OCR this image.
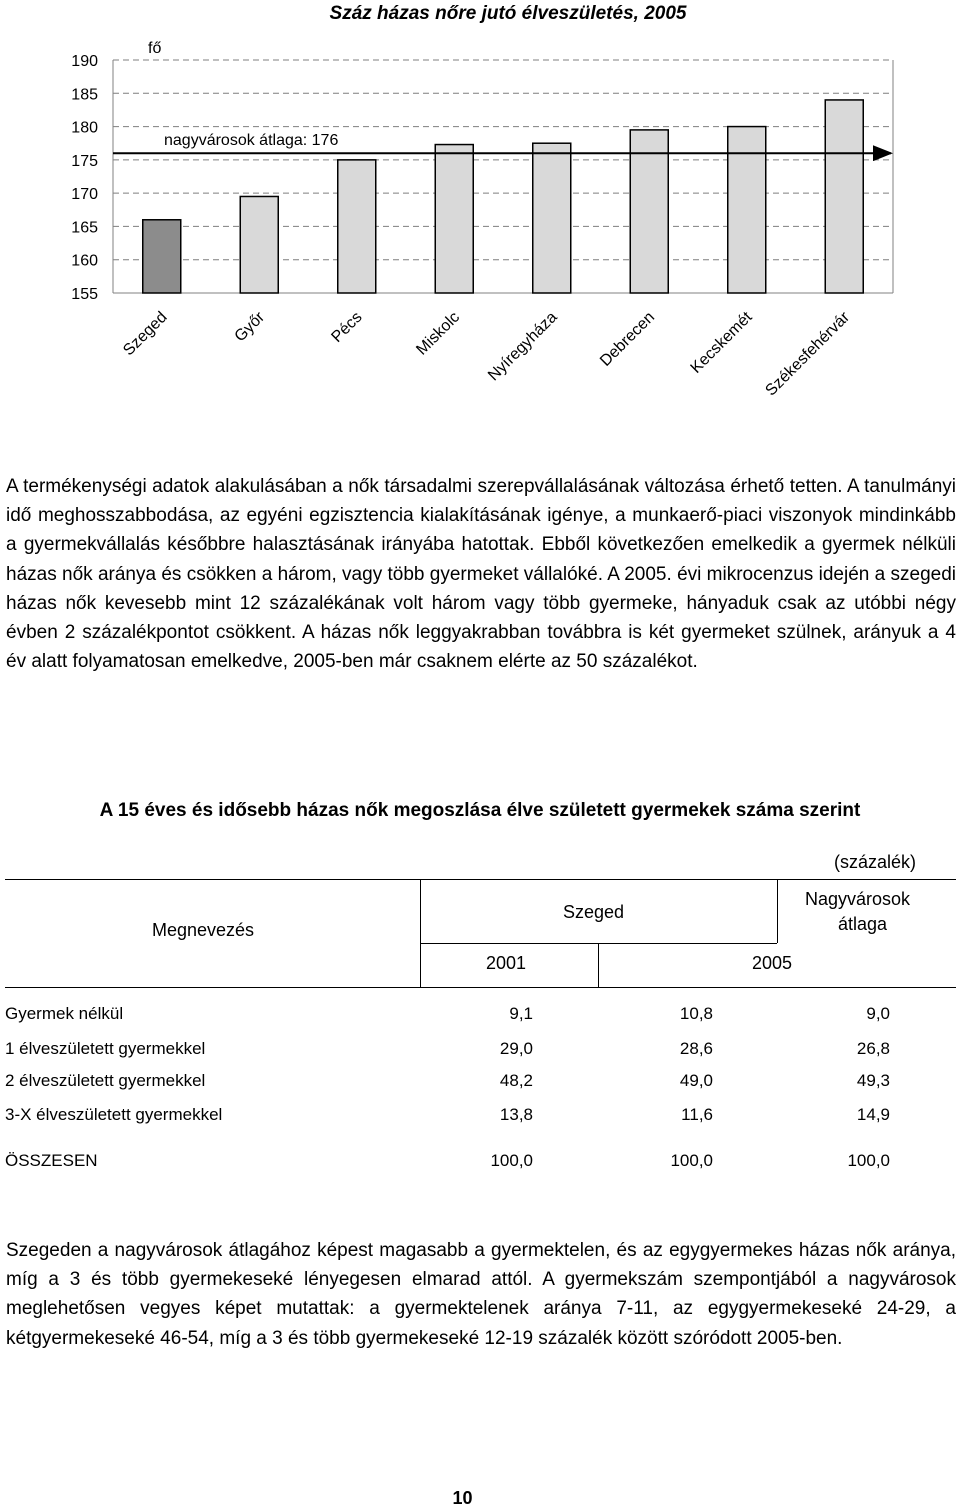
Száz házas nőre jutó élveszületés, 2005
fő
190
185
180
175
170
165
160
155
nagyvárosok átlaga: 176
Szeged	Győr	Pécs	Miskolc Nyíregyháza Debrecen Kecskemét Székesfehérvár
A termékenységi adatok alakulásában a nők társadalmi szerepvállalásának változása érhető tetten. A tanulmányi idő meghosszabbodása, az egyéni egzisztencia kialakításának igénye, a munkaerő-piaci viszonyok mindinkább a gyermekvállalás későbbre halasztásának irányába hatottak. Ebből következően emelkedik a gyermek nélküli házas nők aránya és csökken a három, vagy több gyermeket vállalóké. A 2005. évi mikrocenzus idején a szegedi házas nők kevesebb mint 12 százalékának volt három vagy több gyermeke, hányaduk csak az utóbbi négy évben 2 százalékpontot csökkent. A házas nők leggyakrabban továbbra is két gyermeket szülnek, arányuk a 4 év alatt folyamatosan emelkedve, 2005-ben már csaknem elérte az 50 százalékot.
A 15 éves és idősebb házas nők megoszlása élve született gyermekek száma szerint
(százalék)
Megnevezés
Szeged
2001	2005
Nagyvárosok
átlaga
Gyermek nélkül	9,1	10,8	9,0
1 élveszületett gyermekkel	29,0	28,6	26,8
2 élveszületett gyermekkel	48,2	49,0	49,3
3-X élveszületett gyermekkel	13,8	11,6	14,9
ÖSSZESEN	100,0	100,0	100,0
Szegeden a nagyvárosok átlagához képest magasabb a gyermektelen, és az egygyermekes házas nők aránya, míg a 3 és több gyermekeseké lényegesen elmarad attól. A gyermekszám szempontjából a nagyvárosok meglehetősen vegyes képet mutattak: a gyermektelenek aránya 7-11, az egygyermekeseké 24-29, a kétgyermekeseké 46-54, míg a 3 és több gyermekeseké 12-19 százalék között szóródott 2005-ben.
10
